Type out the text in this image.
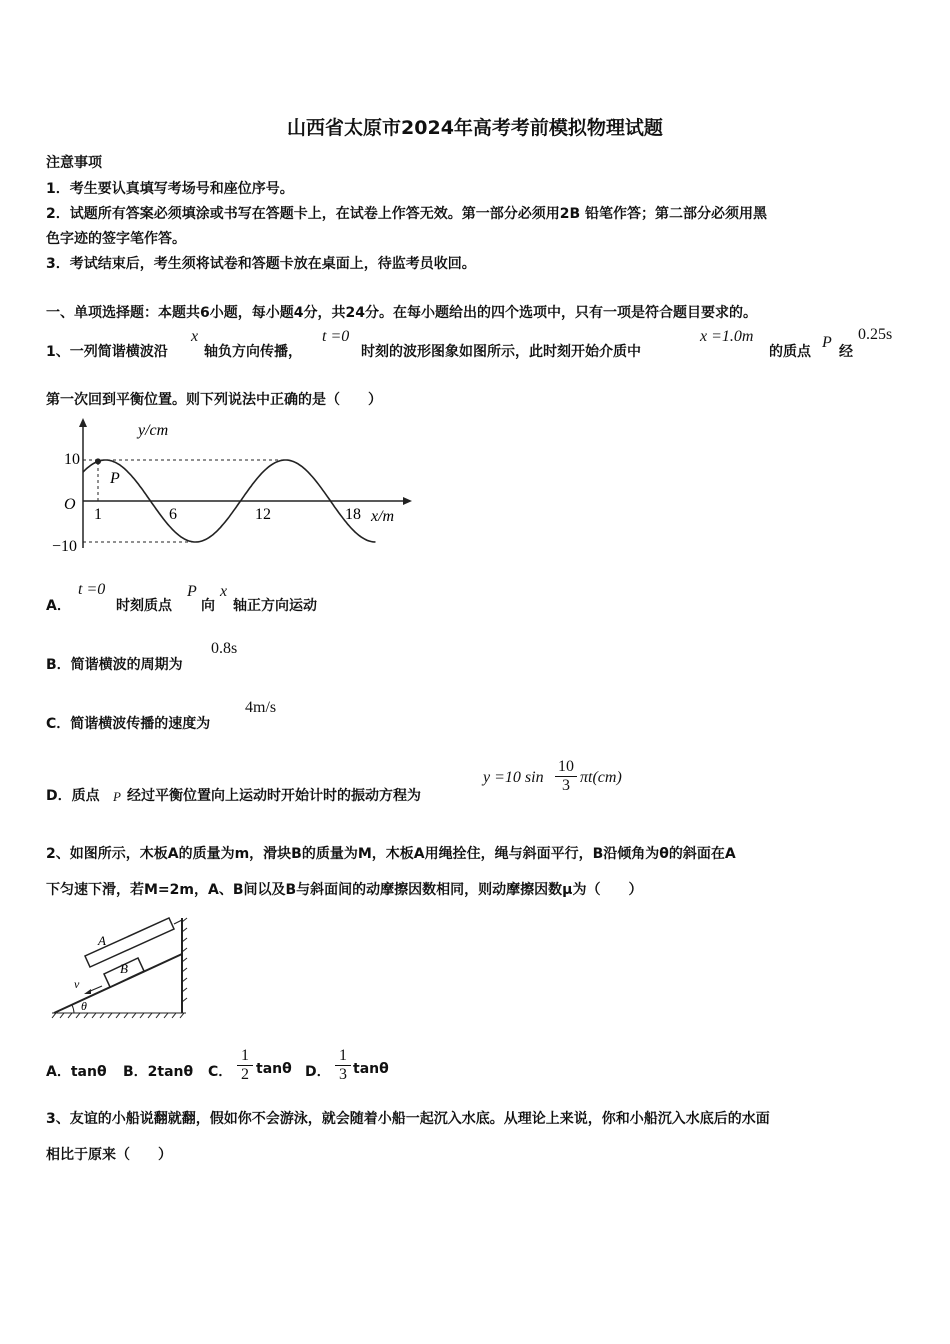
山西省太原市2024年高考考前模拟物理试题
注意事项
1．考生要认真填写考场号和座位序号。
2．试题所有答案必须填涂或书写在答题卡上，在试卷上作答无效。第一部分必须用2B 铅笔作答；第二部分必须用黑
色字迹的签字笔作答。
3．考试结束后，考生须将试卷和答题卡放在桌面上，待监考员收回。
一、单项选择题：本题共6小题，每小题4分，共24分。在每小题给出的四个选项中，只有一项是符合题目要求的。
1、一列简谐横波沿
x
轴负方向传播，
t =0
时刻的波形图象如图所示，此时刻开始介质中
x =1.0m
的质点
P
经
0.25s
第一次回到平衡位置。则下列说法中正确的是（　　）
y/cm
x/m
O
10
−10
P
1	6	12	18
A．
t =0
时刻质点
P
向
x
轴正方向运动
B．简谐横波的周期为
0.8s
C．简谐横波传播的速度为
4m/s
D．质点 P 经过平衡位置向上运动时开始计时的振动方程为
y =10 sin
10
3 πt(cm)
2、如图所示，木板A的质量为m，滑块B的质量为M，木板A用绳拴住，绳与斜面平行，B沿倾角为θ的斜面在A
下匀速下滑，若M=2m，A、B间以及B与斜面间的动摩擦因数相同，则动摩擦因数μ为（　　）
A
B
v
θ
A．tanθ B．2tanθ C．
1
2 tanθ D．
1
3 tanθ
3、友谊的小船说翻就翻，假如你不会游泳，就会随着小船一起沉入水底。从理论上来说，你和小船沉入水底后的水面
相比于原来（　　）
